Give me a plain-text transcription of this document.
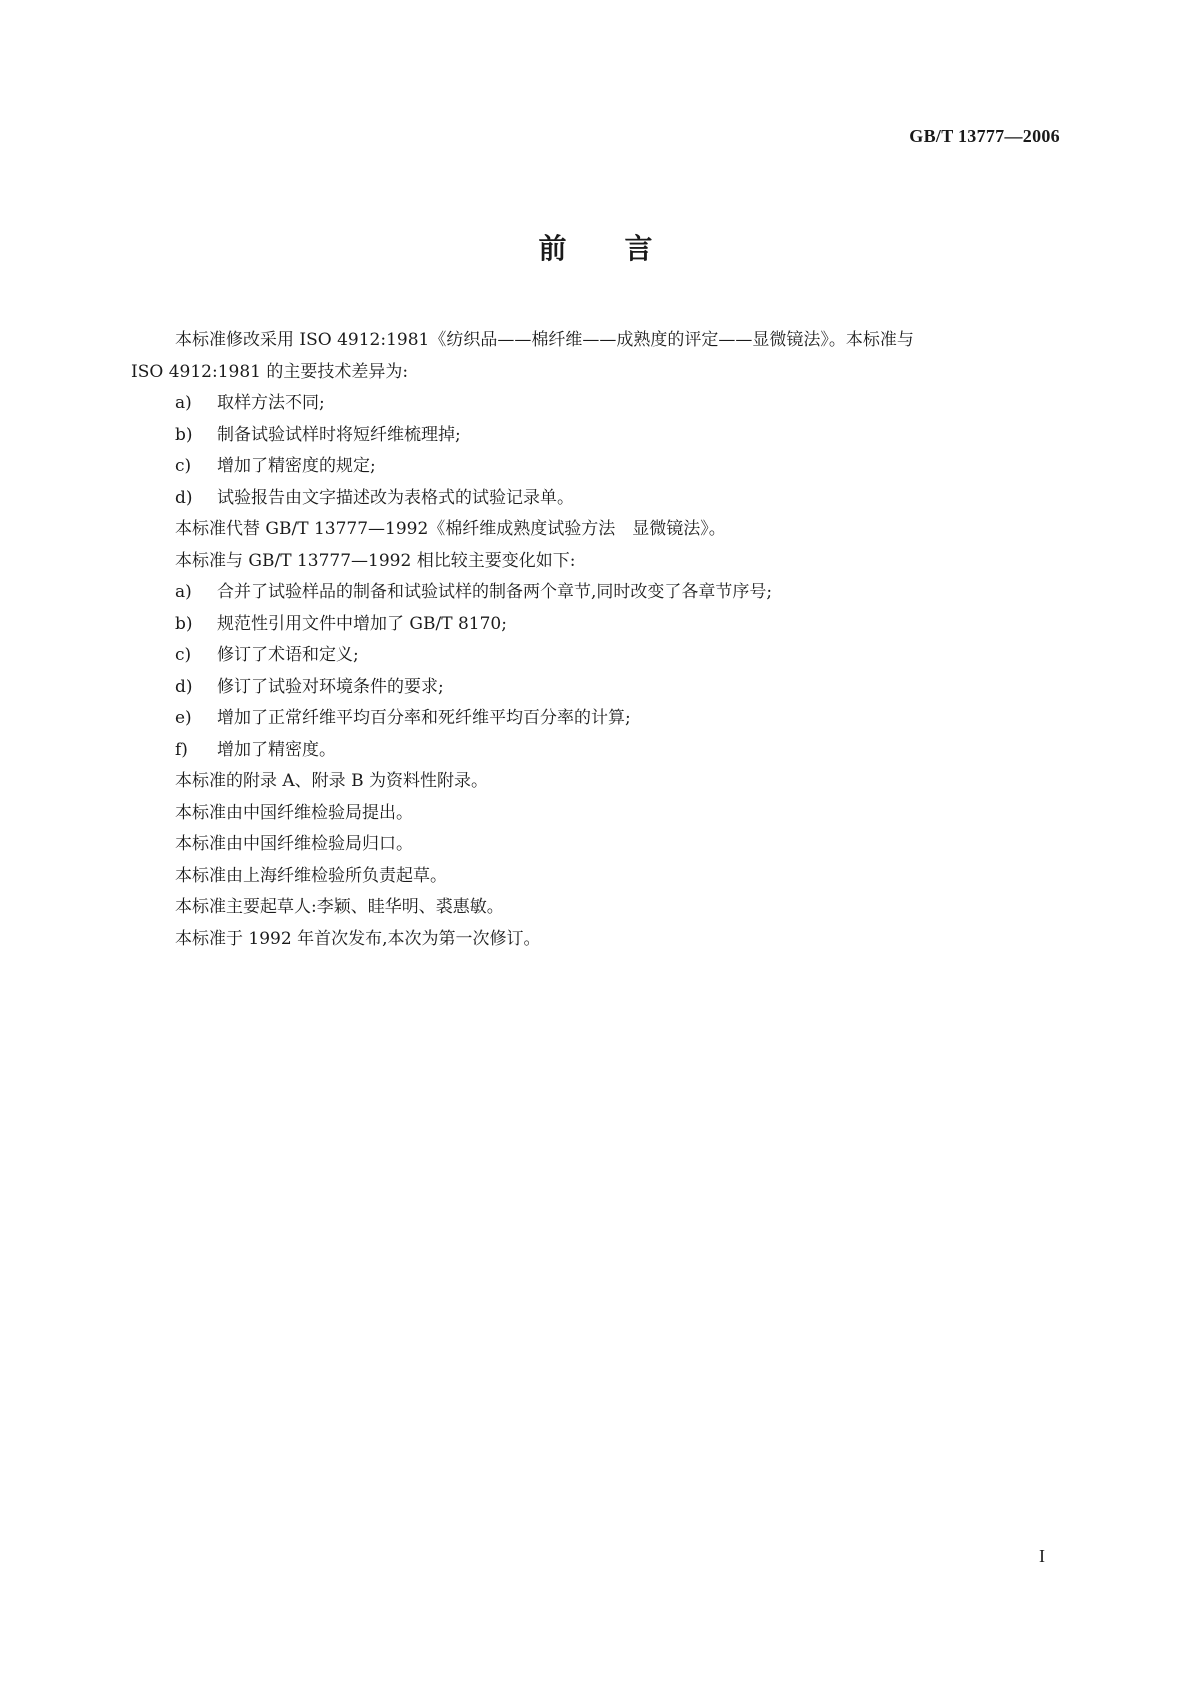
GB/T 13777—2006
前 言

本标准修改采用 ISO 4912:1981《纺织品——棉纤维——成熟度的评定——显微镜法》。本标准与

ISO 4912:1981 的主要技术差异为:

a)	取样方法不同;
b)	制备试验试样时将短纤维梳理掉;
c)	增加了精密度的规定;
d)	试验报告由文字描述改为表格式的试验记录单。

本标准代替 GB/T 13777—1992《棉纤维成熟度试验方法　显微镜法》。

本标准与 GB/T 13777—1992 相比较主要变化如下:

a)	合并了试验样品的制备和试验试样的制备两个章节,同时改变了各章节序号;
b)	规范性引用文件中增加了 GB/T 8170;
c)	修订了术语和定义;
d)	修订了试验对环境条件的要求;
e)	增加了正常纤维平均百分率和死纤维平均百分率的计算;
f)	增加了精密度。

本标准的附录 A、附录 B 为资料性附录。

本标准由中国纤维检验局提出。

本标准由中国纤维检验局归口。

本标准由上海纤维检验所负责起草。

本标准主要起草人:李颖、眭华明、裘惠敏。

本标准于 1992 年首次发布,本次为第一次修订。

I
